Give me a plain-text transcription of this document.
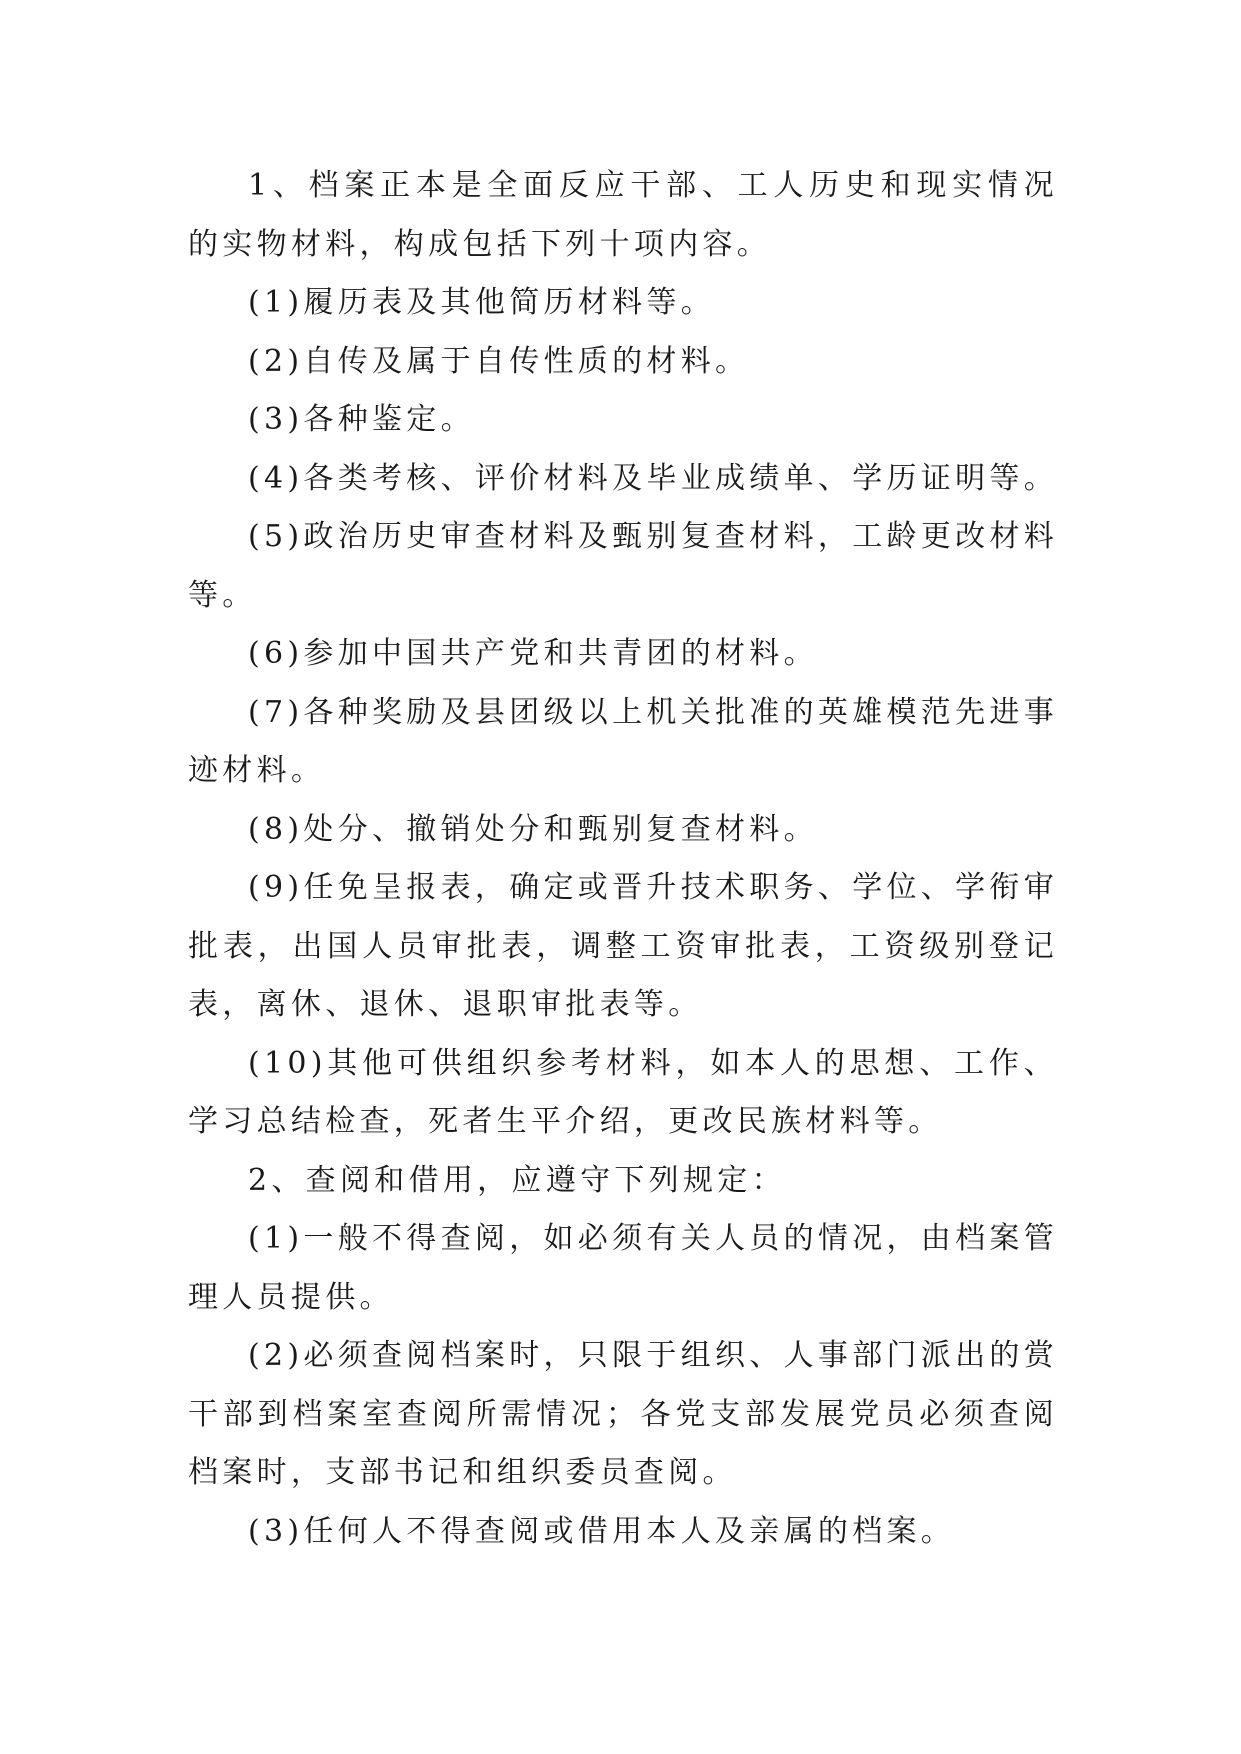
1、档案正本是全面反应干部、工人历史和现实情况的实物材料，构成包括下列十项内容。

(1)履历表及其他简历材料等。

(2)自传及属于自传性质的材料。

(3)各种鉴定。

(4)各类考核、评价材料及毕业成绩单、学历证明等。

(5)政治历史审查材料及甄别复查材料，工龄更改材料等。

(6)参加中国共产党和共青团的材料。

(7)各种奖励及县团级以上机关批准的英雄模范先进事迹材料。

(8)处分、撤销处分和甄别复查材料。

(9)任免呈报表，确定或晋升技术职务、学位、学衔审批表，出国人员审批表，调整工资审批表，工资级别登记表，离休、退休、退职审批表等。

(10)其他可供组织参考材料，如本人的思想、工作、学习总结检查，死者生平介绍，更改民族材料等。

2、查阅和借用，应遵守下列规定：

(1)一般不得查阅，如必须有关人员的情况，由档案管理人员提供。

(2)必须查阅档案时，只限于组织、人事部门派出的赏干部到档案室查阅所需情况；各党支部发展党员必须查阅档案时，支部书记和组织委员查阅。

(3)任何人不得查阅或借用本人及亲属的档案。
